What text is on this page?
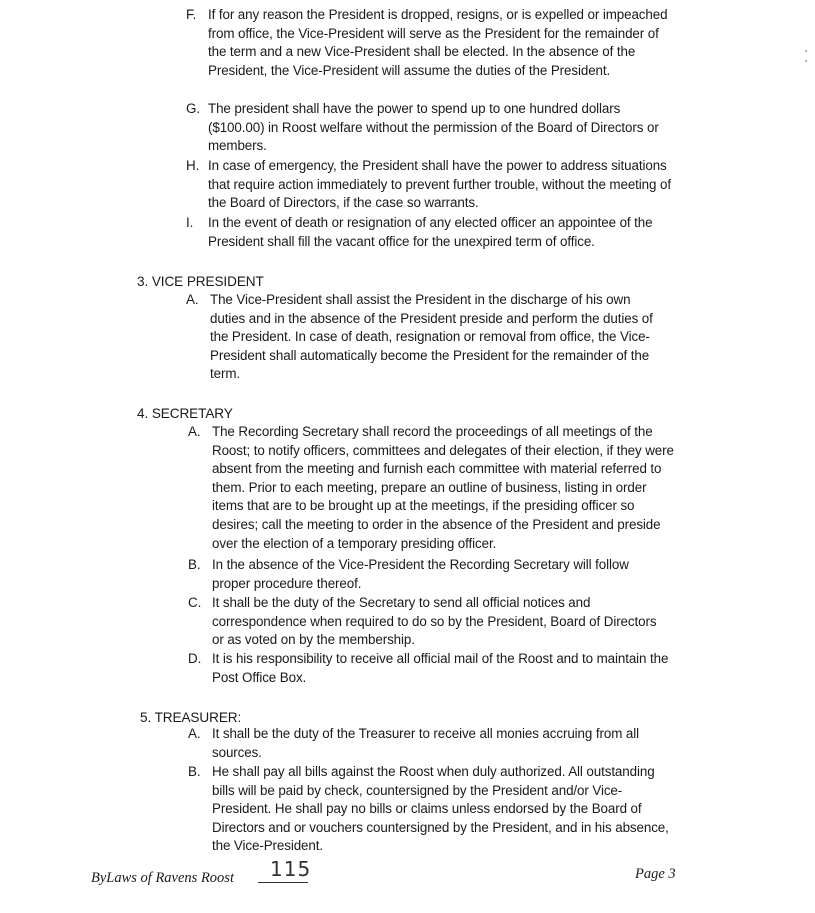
F. If for any reason the President is dropped, resigns, or is expelled or impeached from office, the Vice-President will serve as the President for the remainder of the term and a new Vice-President shall be elected. In the absence of the President, the Vice-President will assume the duties of the President.
G. The president shall have the power to spend up to one hundred dollars ($100.00) in Roost welfare without the permission of the Board of Directors or members.
H. In case of emergency, the President shall have the power to address situations that require action immediately to prevent further trouble, without the meeting of the Board of Directors, if the case so warrants.
I. In the event of death or resignation of any elected officer an appointee of the President shall fill the vacant office for the unexpired term of office.
3. VICE PRESIDENT
A. The Vice-President shall assist the President in the discharge of his own duties and in the absence of the President preside and perform the duties of the President. In case of death, resignation or removal from office, the Vice-President shall automatically become the President for the remainder of the term.
4. SECRETARY
A. The Recording Secretary shall record the proceedings of all meetings of the Roost; to notify officers, committees and delegates of their election, if they were absent from the meeting and furnish each committee with material referred to them. Prior to each meeting, prepare an outline of business, listing in order items that are to be brought up at the meetings, if the presiding officer so desires; call the meeting to order in the absence of the President and preside over the election of a temporary presiding officer.
B. In the absence of the Vice-President the Recording Secretary will follow proper procedure thereof.
C. It shall be the duty of the Secretary to send all official notices and correspondence when required to do so by the President, Board of Directors or as voted on by the membership.
D. It is his responsibility to receive all official mail of the Roost and to maintain the Post Office Box.
5. TREASURER:
A. It shall be the duty of the Treasurer to receive all monies accruing from all sources.
B. He shall pay all bills against the Roost when duly authorized. All outstanding bills will be paid by check, countersigned by the President and/or Vice-President. He shall pay no bills or claims unless endorsed by the Board of Directors and or vouchers countersigned by the President, and in his absence, the Vice-President.
ByLaws of Ravens Roost 115	Page 3
